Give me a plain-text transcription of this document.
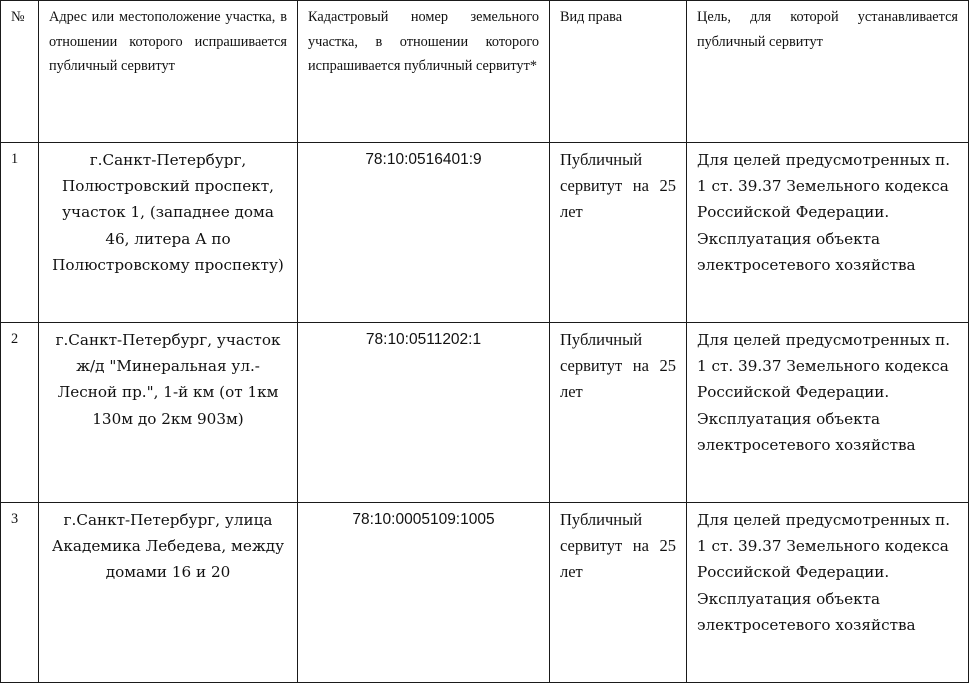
№	Адрес или местоположение участка, в отношении которого испрашивается публичный сервитут	Кадастровый номер земельного участка, в отношении которого испрашивается публичный сервитут*	Вид права	Цель, для которой устанавливается публичный сервитут
1	г.Санкт-Петербург, Полюстровский проспект, участок 1, (западнее дома 46, литера А по Полюстровскому проспекту)	78:10:0516401:9	Публичный сервитут на 25 лет	Для целей предусмотренных п. 1 ст. 39.37 Земельного кодекса Российской Федерации. Эксплуатация объекта электросетевого хозяйства
2	г.Санкт-Петербург, участок ж/д "Минеральная ул.-Лесной пр.", 1-й км (от 1км 130м до 2км 903м)	78:10:0511202:1	Публичный сервитут на 25 лет	Для целей предусмотренных п. 1 ст. 39.37 Земельного кодекса Российской Федерации. Эксплуатация объекта электросетевого хозяйства
3	г.Санкт-Петербург, улица Академика Лебедева, между домами 16 и 20	78:10:0005109:1005	Публичный сервитут на 25 лет	Для целей предусмотренных п. 1 ст. 39.37 Земельного кодекса Российской Федерации. Эксплуатация объекта электросетевого хозяйства
